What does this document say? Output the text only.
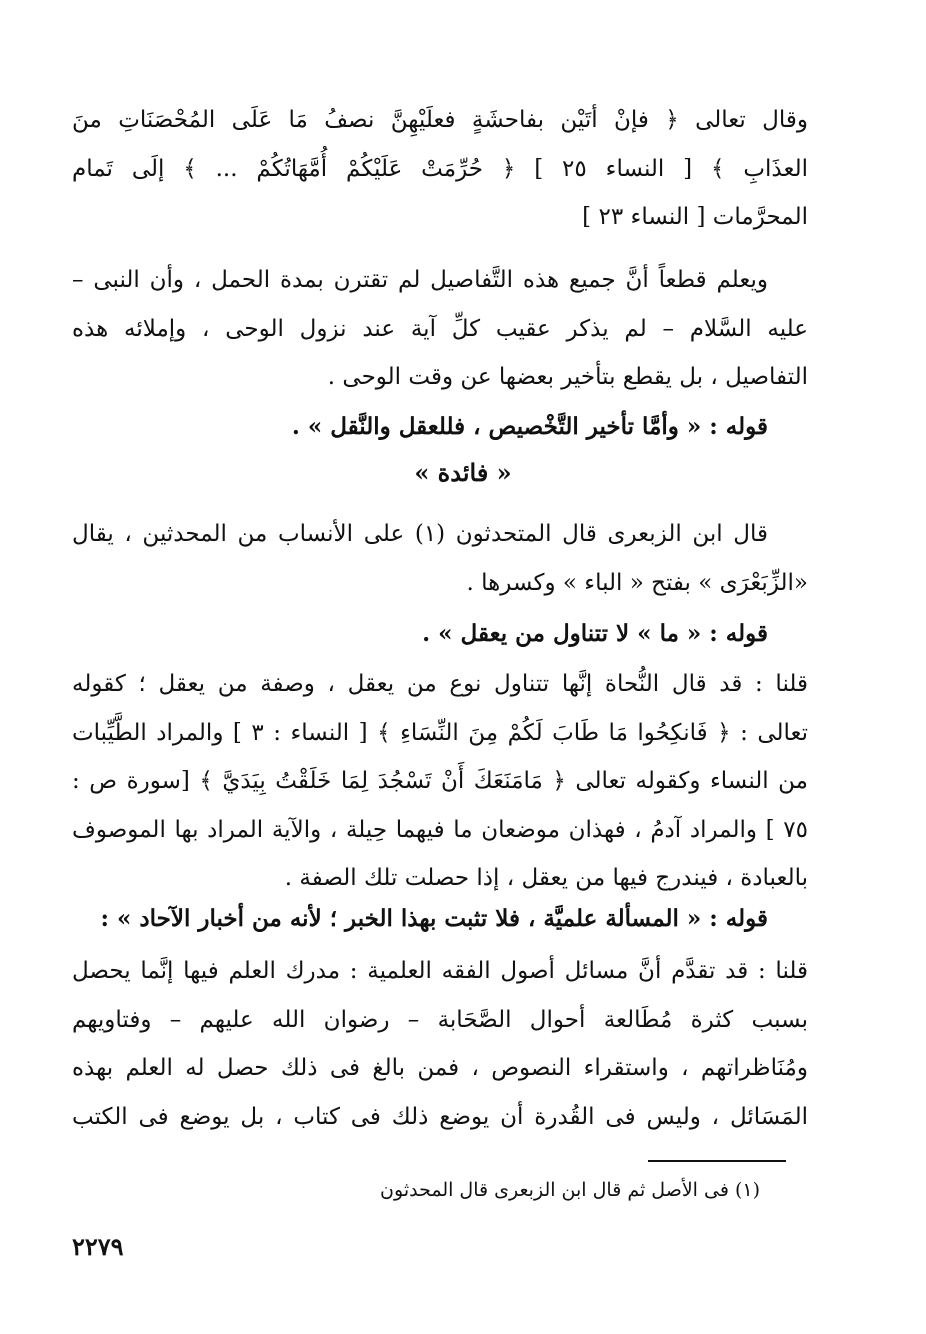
وقال تعالى ﴿ فإنْ أتَيْن بفاحشَةٍ فعلَيْهِنَّ نصفُ مَا عَلَى المُحْصَنَاتِ منَ
العذَابِ ﴾ [ النساء ٢٥ ] ﴿ حُرِّمَتْ عَلَيْكُمْ أُمَّهَاتُكُمْ ... ﴾ إلَى تَمام
المحرَّمات [ النساء ٢٣ ]
ويعلم قطعاً أنَّ جميع هذه التَّفاصيل لم تقترن بمدة الحمل ، وأن النبى –
عليه السَّلام – لم يذكر عقيب كلِّ آية عند نزول الوحى ، وإملائه هذه
التفاصيل ، بل يقطع بتأخير بعضها عن وقت الوحى .
قوله : « وأمَّا تأخير التَّخْصيص ، فللعقل والنَّقل » .
« فائدة »
قال ابن الزبعرى قال المتحدثون (١) على الأنساب من المحدثين ، يقال
«الزِّبَعْرَى » بفتح « الباء » وكسرها .
قوله : « ما » لا تتناول من يعقل » .
قلنا : قد قال النُّحاة إنَّها تتناول نوع من يعقل ، وصفة من يعقل ؛ كقوله
تعالى : ﴿ فَانكِحُوا مَا طَابَ لَكُمْ مِنَ النِّسَاءِ ﴾ [ النساء : ٣ ] والمراد الطَّيِّبات
من النساء وكقوله تعالى ﴿ مَامَنَعَكَ أَنْ تَسْجُدَ لِمَا خَلَقْتُ بِيَدَيَّ ﴾ [سورة ص :
٧٥ ] والمراد آدمُ ، فهذان موضعان ما فيهما حِيلة ، والآية المراد بها الموصوف
بالعبادة ، فيندرج فيها من يعقل ، إذا حصلت تلك الصفة .
قوله : « المسألة علميَّة ، فلا تثبت بهذا الخبر ؛ لأنه من أخبار الآحاد » :
قلنا : قد تقدَّم أنَّ مسائل أصول الفقه العلمية : مدرك العلم فيها إنَّما يحصل
بسبب كثرة مُطَالعة أحوال الصَّحَابة – رضوان الله عليهم – وفتاويهم
ومُنَاظراتهم ، واستقراء النصوص ، فمن بالغ فى ذلك حصل له العلم بهذه
المَسَائل ، وليس فى القُدرة أن يوضع ذلك فى كتاب ، بل يوضع فى الكتب
(١) فى الأصل ثم قال ابن الزبعرى قال المحدثون
٢٢٧٩
